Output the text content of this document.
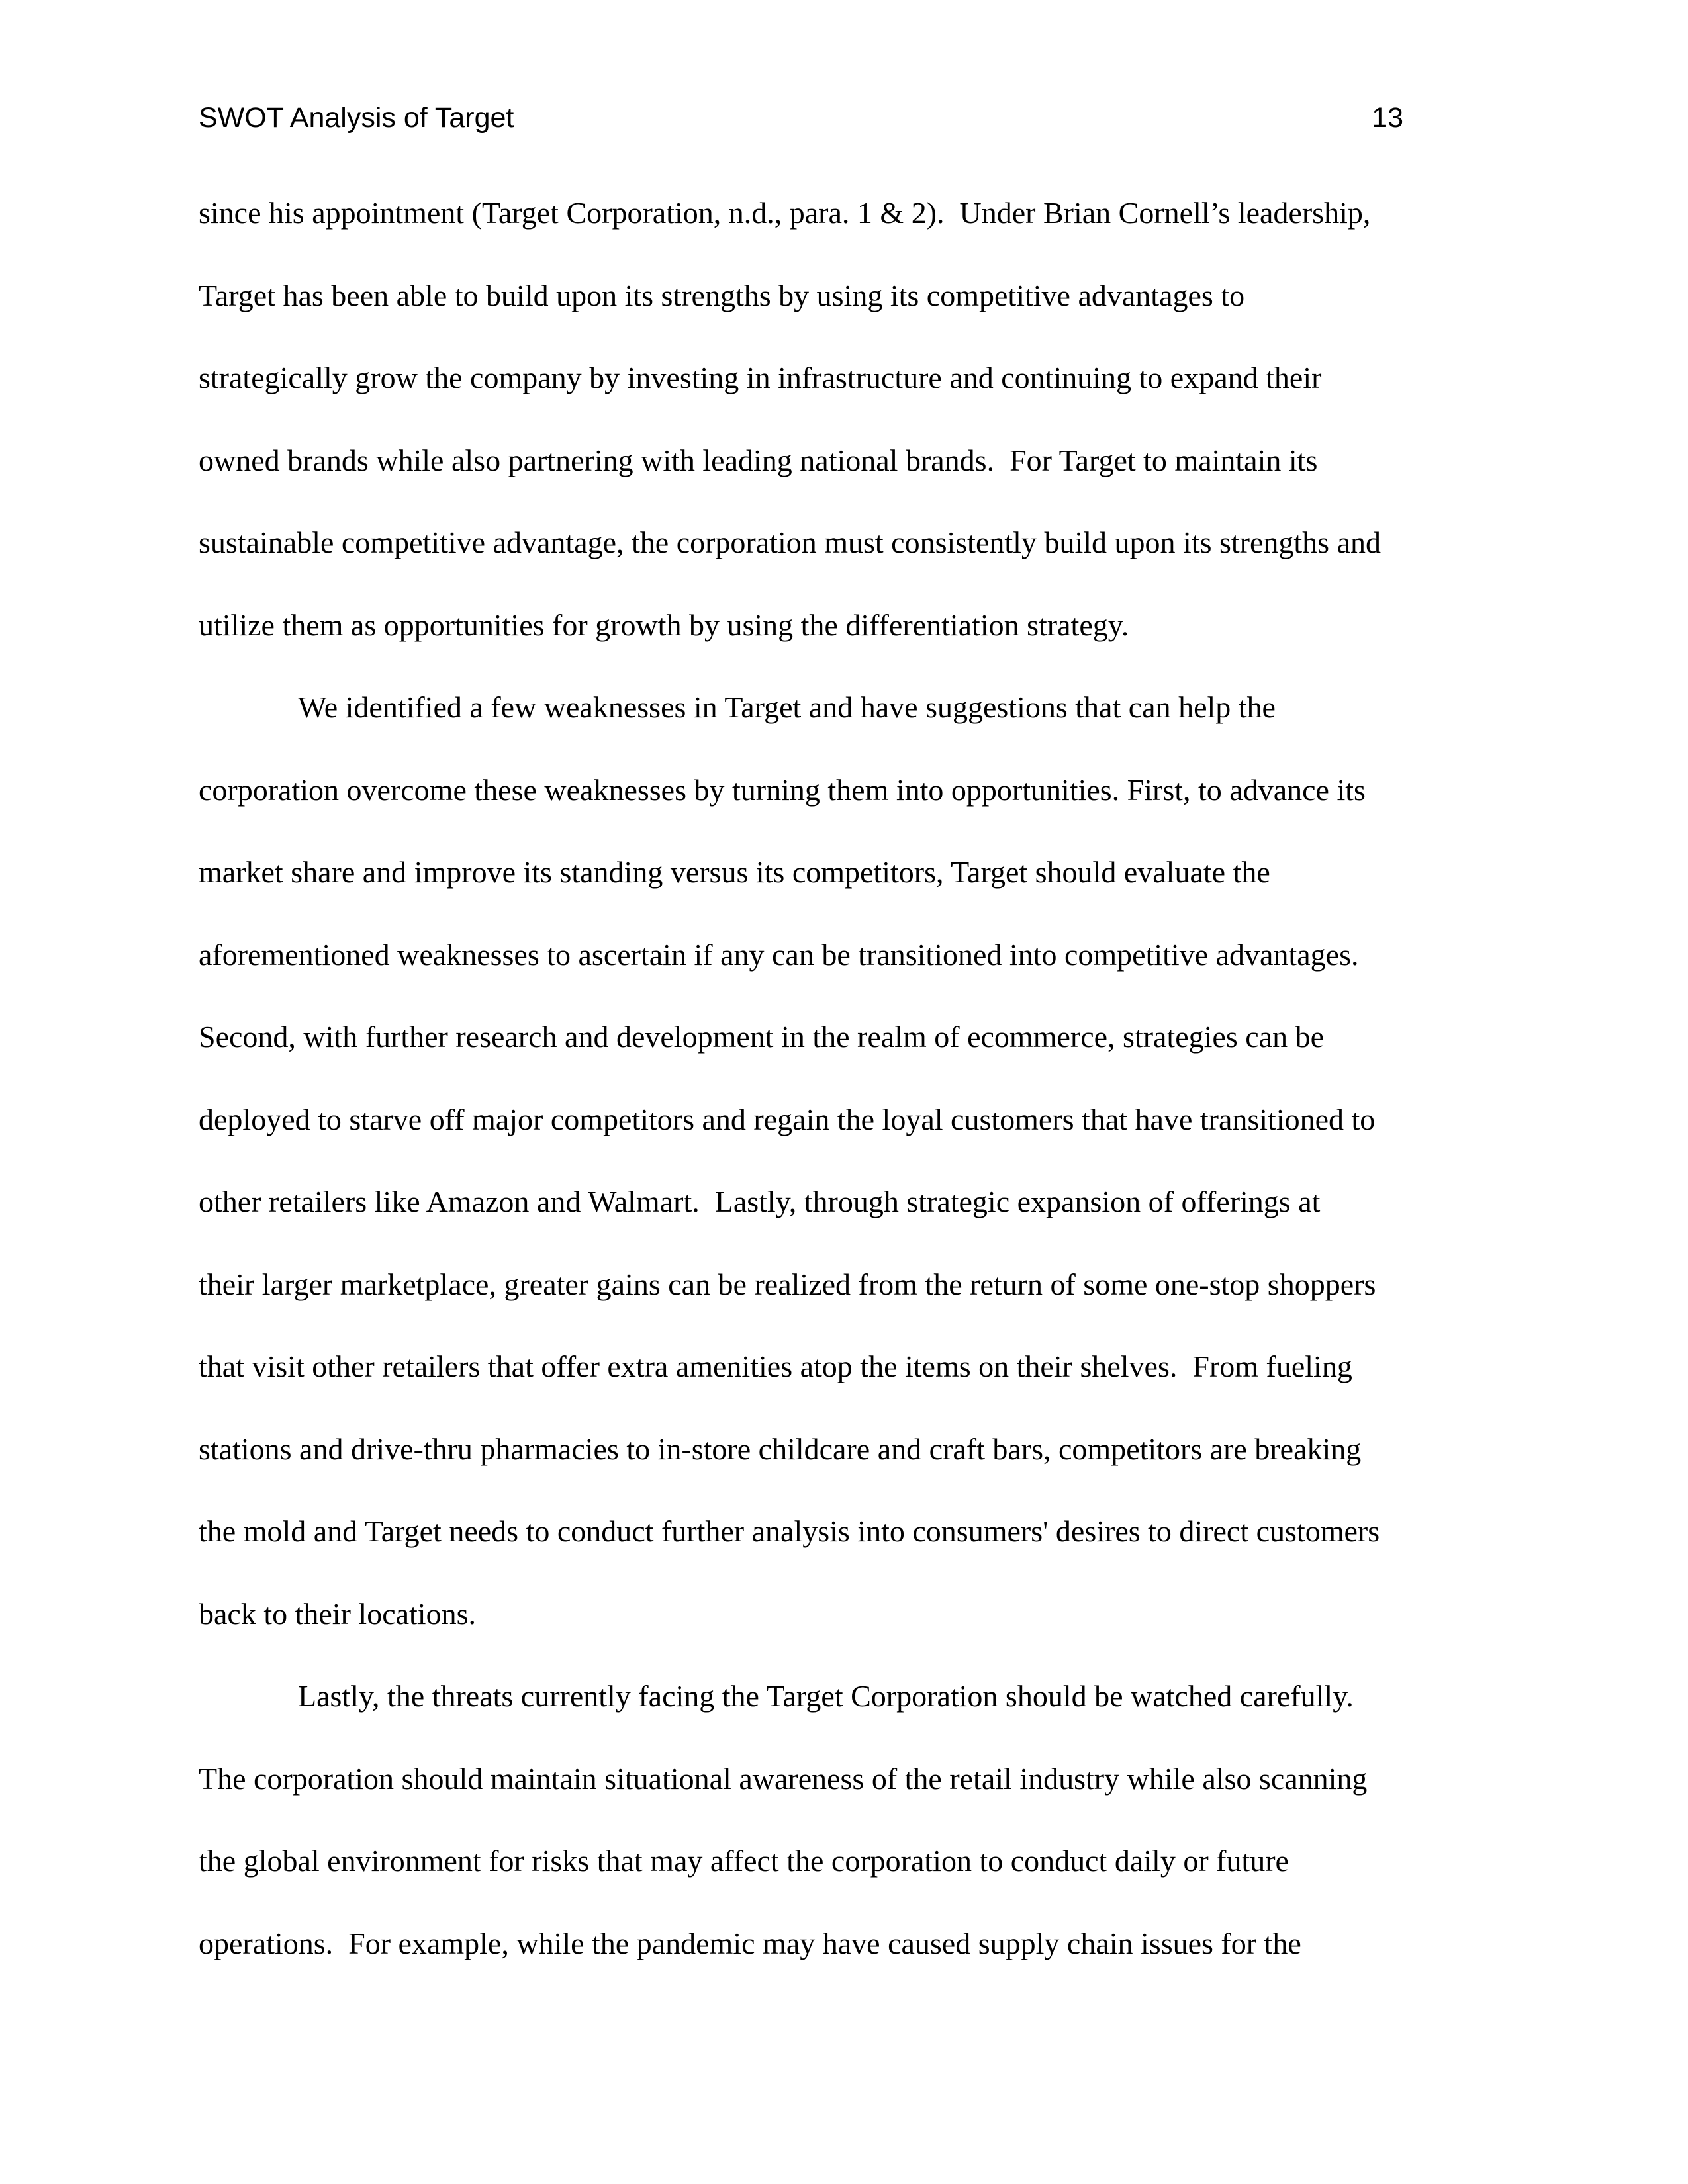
SWOT Analysis of Target	13
since his appointment (Target Corporation, n.d., para. 1 & 2).  Under Brian Cornell’s leadership,
Target has been able to build upon its strengths by using its competitive advantages to
strategically grow the company by investing in infrastructure and continuing to expand their
owned brands while also partnering with leading national brands.  For Target to maintain its
sustainable competitive advantage, the corporation must consistently build upon its strengths and
utilize them as opportunities for growth by using the differentiation strategy.
We identified a few weaknesses in Target and have suggestions that can help the
corporation overcome these weaknesses by turning them into opportunities. First, to advance its
market share and improve its standing versus its competitors, Target should evaluate the
aforementioned weaknesses to ascertain if any can be transitioned into competitive advantages.
Second, with further research and development in the realm of ecommerce, strategies can be
deployed to starve off major competitors and regain the loyal customers that have transitioned to
other retailers like Amazon and Walmart.  Lastly, through strategic expansion of offerings at
their larger marketplace, greater gains can be realized from the return of some one-stop shoppers
that visit other retailers that offer extra amenities atop the items on their shelves.  From fueling
stations and drive-thru pharmacies to in-store childcare and craft bars, competitors are breaking
the mold and Target needs to conduct further analysis into consumers' desires to direct customers
back to their locations.
Lastly, the threats currently facing the Target Corporation should be watched carefully.
The corporation should maintain situational awareness of the retail industry while also scanning
the global environment for risks that may affect the corporation to conduct daily or future
operations.  For example, while the pandemic may have caused supply chain issues for the
